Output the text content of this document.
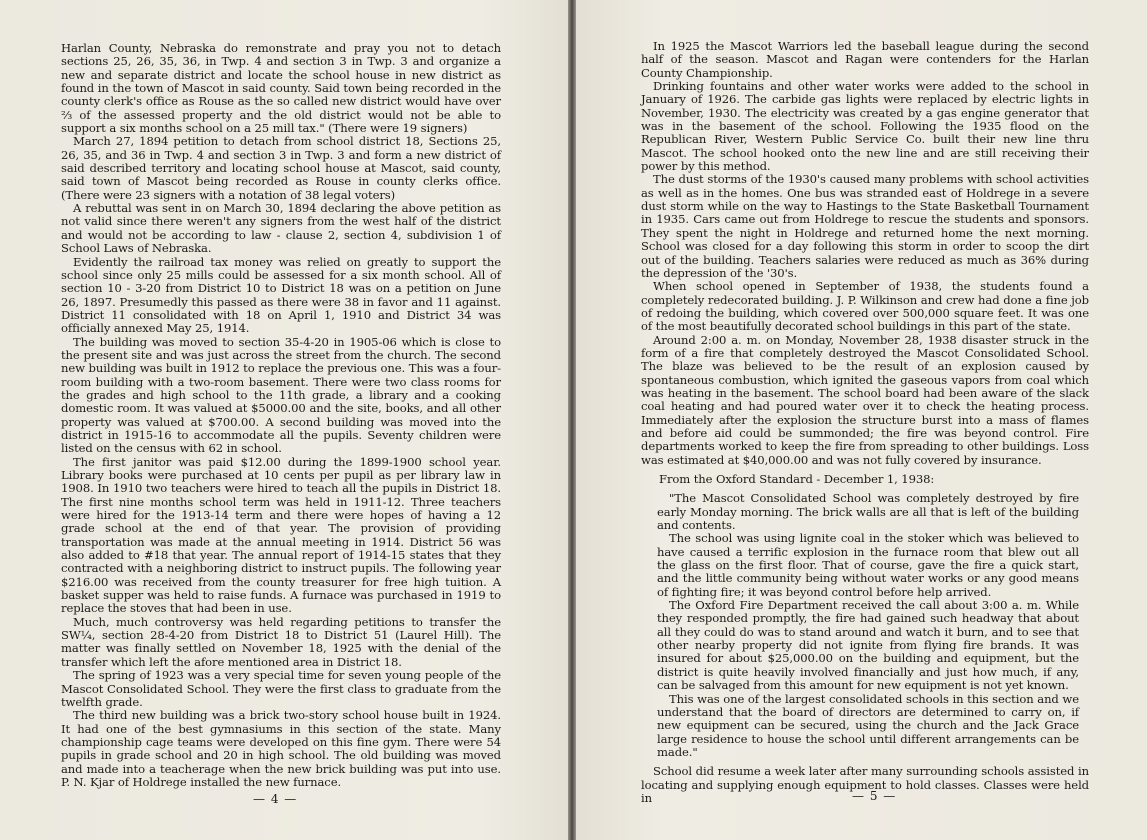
Harlan County, Nebraska do remonstrate and pray you not to detach sections 25, 26, 35, 36, in Twp. 4 and section 3 in Twp. 3 and organize a new and separate district and locate the school house in new district as found in the town of Mascot in said county. Said town being recorded in the county clerk's office as Rouse as the so called new district would have over ⅔ of the assessed property and the old district would not be able to support a six months school on a 25 mill tax." (There were 19 signers)

March 27, 1894 petition to detach from school district 18, Sections 25, 26, 35, and 36 in Twp. 4 and section 3 in Twp. 3 and form a new district of said described territory and locating school house at Mascot, said county, said town of Mascot being recorded as Rouse in county clerks office. (There were 23 signers with a notation of 38 legal voters)

A rebuttal was sent in on March 30, 1894 declaring the above petition as not valid since there weren't any signers from the west half of the district and would not be according to law - clause 2, section 4, subdivision 1 of School Laws of Nebraska.

Evidently the railroad tax money was relied on greatly to support the school since only 25 mills could be assessed for a six month school. All of section 10 - 3-20 from District 10 to District 18 was on a petition on June 26, 1897. Presumedly this passed as there were 38 in favor and 11 against. District 11 consolidated with 18 on April 1, 1910 and District 34 was officially annexed May 25, 1914.

The building was moved to section 35-4-20 in 1905-06 which is close to the present site and was just across the street from the church. The second new building was built in 1912 to replace the previous one. This was a four-room building with a two-room basement. There were two class rooms for the grades and high school to the 11th grade, a library and a cooking domestic room. It was valued at $5000.00 and the site, books, and all other property was valued at $700.00. A second building was moved into the district in 1915-16 to accommodate all the pupils. Seventy children were listed on the census with 62 in school.

The first janitor was paid $12.00 during the 1899-1900 school year. Library books were purchased at 10 cents per pupil as per library law in 1908. In 1910 two teachers were hired to teach all the pupils in District 18. The first nine months school term was held in 1911-12. Three teachers were hired for the 1913-14 term and there were hopes of having a 12 grade school at the end of that year. The provision of providing transportation was made at the annual meeting in 1914. District 56 was also added to #18 that year. The annual report of 1914-15 states that they contracted with a neighboring district to instruct pupils. The following year $216.00 was received from the county treasurer for free high tuition. A basket supper was held to raise funds. A furnace was purchased in 1919 to replace the stoves that had been in use.

Much, much controversy was held regarding petitions to transfer the SW¼, section 28-4-20 from District 18 to District 51 (Laurel Hill). The matter was finally settled on November 18, 1925 with the denial of the transfer which left the afore mentioned area in District 18.

The spring of 1923 was a very special time for seven young people of the Mascot Consolidated School. They were the first class to graduate from the twelfth grade.

The third new building was a brick two-story school house built in 1924. It had one of the best gymnasiums in this section of the state. Many championship cage teams were developed on this fine gym. There were 54 pupils in grade school and 20 in high school. The old building was moved and made into a teacherage when the new brick building was put into use. P. N. Kjar of Holdrege installed the new furnace.

— 4 —

In 1925 the Mascot Warriors led the baseball league during the second half of the season. Mascot and Ragan were contenders for the Harlan County Championship.

Drinking fountains and other water works were added to the school in January of 1926. The carbide gas lights were replaced by electric lights in November, 1930. The electricity was created by a gas engine generator that was in the basement of the school. Following the 1935 flood on the Republican River, Western Public Service Co. built their new line thru Mascot. The school hooked onto the new line and are still receiving their power by this method.

The dust storms of the 1930's caused many problems with school activities as well as in the homes. One bus was stranded east of Holdrege in a severe dust storm while on the way to Hastings to the State Basketball Tournament in 1935. Cars came out from Holdrege to rescue the students and sponsors. They spent the night in Holdrege and returned home the next morning. School was closed for a day following this storm in order to scoop the dirt out of the building. Teachers salaries were reduced as much as 36% during the depression of the '30's.

When school opened in September of 1938, the students found a completely redecorated building. J. P. Wilkinson and crew had done a fine job of redoing the building, which covered over 500,000 square feet. It was one of the most beautifully decorated school buildings in this part of the state.

Around 2:00 a. m. on Monday, November 28, 1938 disaster struck in the form of a fire that completely destroyed the Mascot Consolidated School. The blaze was believed to be the result of an explosion caused by spontaneous combustion, which ignited the gaseous vapors from coal which was heating in the basement. The school board had been aware of the slack coal heating and had poured water over it to check the heating process. Immediately after the explosion the structure burst into a mass of flames and before aid could be summonded; the fire was beyond control. Fire departments worked to keep the fire from spreading to other buildings. Loss was estimated at $40,000.00 and was not fully covered by insurance.

From the Oxford Standard - December 1, 1938:

"The Mascot Consolidated School was completely destroyed by fire early Monday morning. The brick walls are all that is left of the building and contents.

The school was using lignite coal in the stoker which was believed to have caused a terrific explosion in the furnace room that blew out all the glass on the first floor. That of course, gave the fire a quick start, and the little community being without water works or any good means of fighting fire; it was beyond control before help arrived.

The Oxford Fire Department received the call about 3:00 a. m. While they responded promptly, the fire had gained such headway that about all they could do was to stand around and watch it burn, and to see that other nearby property did not ignite from flying fire brands. It was insured for about $25,000.00 on the building and equipment, but the district is quite heavily involved financially and just how much, if any, can be salvaged from this amount for new equipment is not yet known.

This was one of the largest consolidated schools in this section and we understand that the board of directors are determined to carry on, if new equipment can be secured, using the church and the Jack Grace large residence to house the school until different arrangements can be made."

School did resume a week later after many surrounding schools assisted in locating and supplying enough equipment to hold classes. Classes were held in	— 5 —
